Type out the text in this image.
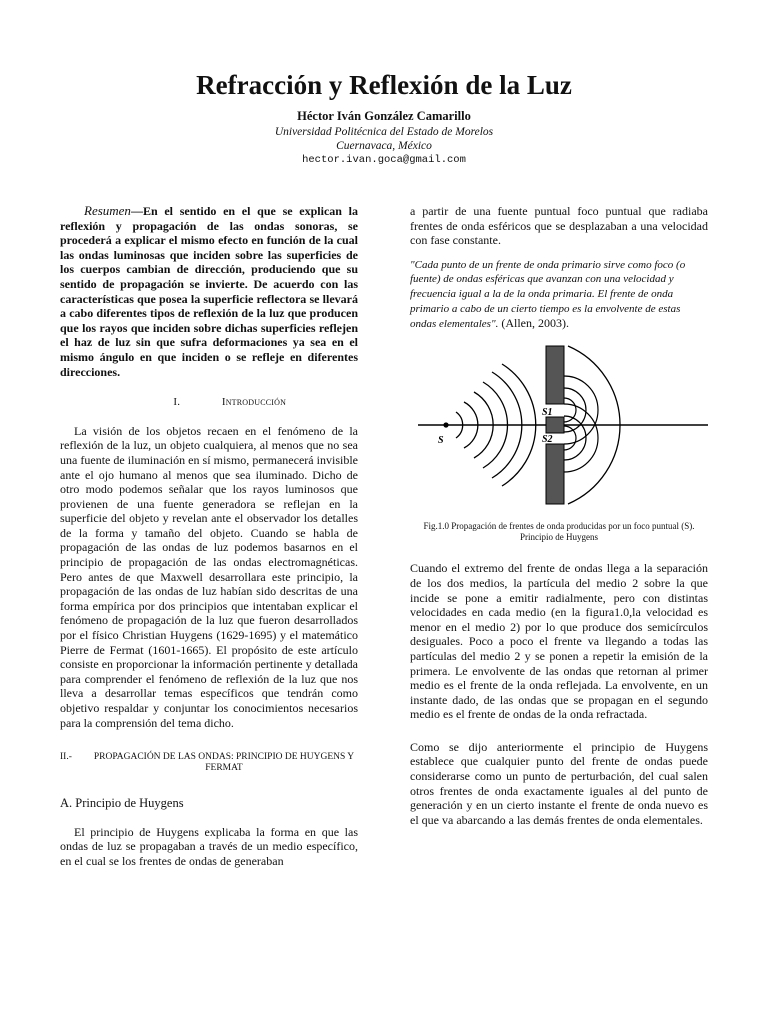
Refracción y Reflexión de la Luz
Héctor Iván González Camarillo
Universidad Politécnica del Estado de Morelos
Cuernavaca, México
hector.ivan.goca@gmail.com

Resumen—En el sentido en el que se explican la reflexión y propagación de las ondas sonoras, se procederá a explicar el mismo efecto en función de la cual las ondas luminosas que inciden sobre las superficies de los cuerpos cambian de dirección, produciendo que su sentido de propagación se invierte. De acuerdo con las características que posea la superficie reflectora se llevará a cabo diferentes tipos de reflexión de la luz que producen que los rayos que inciden sobre dichas superficies reflejen el haz de luz sin que sufra deformaciones ya sea en el mismo ángulo en que inciden o se refleje en diferentes direcciones.

I.	Introducción

La visión de los objetos recaen en el fenómeno de la reflexión de la luz, un objeto cualquiera, al menos que no sea una fuente de iluminación en sí mismo, permanecerá invisible ante el ojo humano al menos que sea iluminado. Dicho de otro modo podemos señalar que los rayos luminosos que provienen de una fuente generadora se reflejan en la superficie del objeto y revelan ante el observador los detalles de la forma y tamaño del objeto. Cuando se habla de propagación de las ondas de luz podemos basarnos en el principio de propagación de las ondas electromagnéticas. Pero antes de que Maxwell desarrollara este principio, la propagación de las ondas de luz habían sido descritas de una forma empírica por dos principios que intentaban explicar el fenómeno de propagación de la luz que fueron desarrollados por el físico Christian Huygens (1629-1695) y el matemático Pierre de Fermat (1601-1665). El propósito de este artículo consiste en proporcionar la información pertinente y detallada para comprender el fenómeno de reflexión de la luz que nos lleva a desarrollar temas específicos que tendrán como objetivo respaldar y conjuntar los conocimientos necesarios para la comprensión del tema dicho.

II.- PROPAGACIÓN DE LAS ONDAS: PRINCIPIO DE HUYGENS Y FERMAT
A. Principio de Huygens

El principio de Huygens explicaba la forma en que las ondas de luz se propagaban a través de un medio específico, en el cual se los frentes de ondas de generaban

a partir de una fuente puntual foco puntual que radiaba frentes de onda esféricos que se desplazaban a una velocidad con fase constante.

"Cada punto de un frente de onda primario sirve como foco (o fuente) de ondas esféricas que avanzan con una velocidad y frecuencia igual a la de la onda primaria. El frente de onda primario a cabo de un cierto tiempo es la envolvente de estas ondas elementales". (Allen, 2003).

S
S1
S2
Fig.1.0 Propagación de frentes de onda producidas por un foco puntual (S). Principio de Huygens

Cuando el extremo del frente de ondas llega a la separación de los dos medios, la partícula del medio 2 sobre la que incide se pone a emitir radialmente, pero con distintas velocidades en cada medio (en la figura1.0,la velocidad es menor en el medio 2) por lo que produce dos semicírculos desiguales. Poco a poco el frente va llegando a todas las partículas del medio 2 y se ponen a repetir la emisión de la primera. Le envolvente de las ondas que retornan al primer medio es el frente de la onda reflejada. La envolvente, en un instante dado, de las ondas que se propagan en el segundo medio es el frente de ondas de la onda refractada.

Como se dijo anteriormente el principio de Huygens establece que cualquier punto del frente de ondas puede considerarse como un punto de perturbación, del cual salen otros frentes de onda exactamente iguales al del punto de generación y en un cierto instante el frente de onda nuevo es el que va abarcando a las demás frentes de onda elementales.
